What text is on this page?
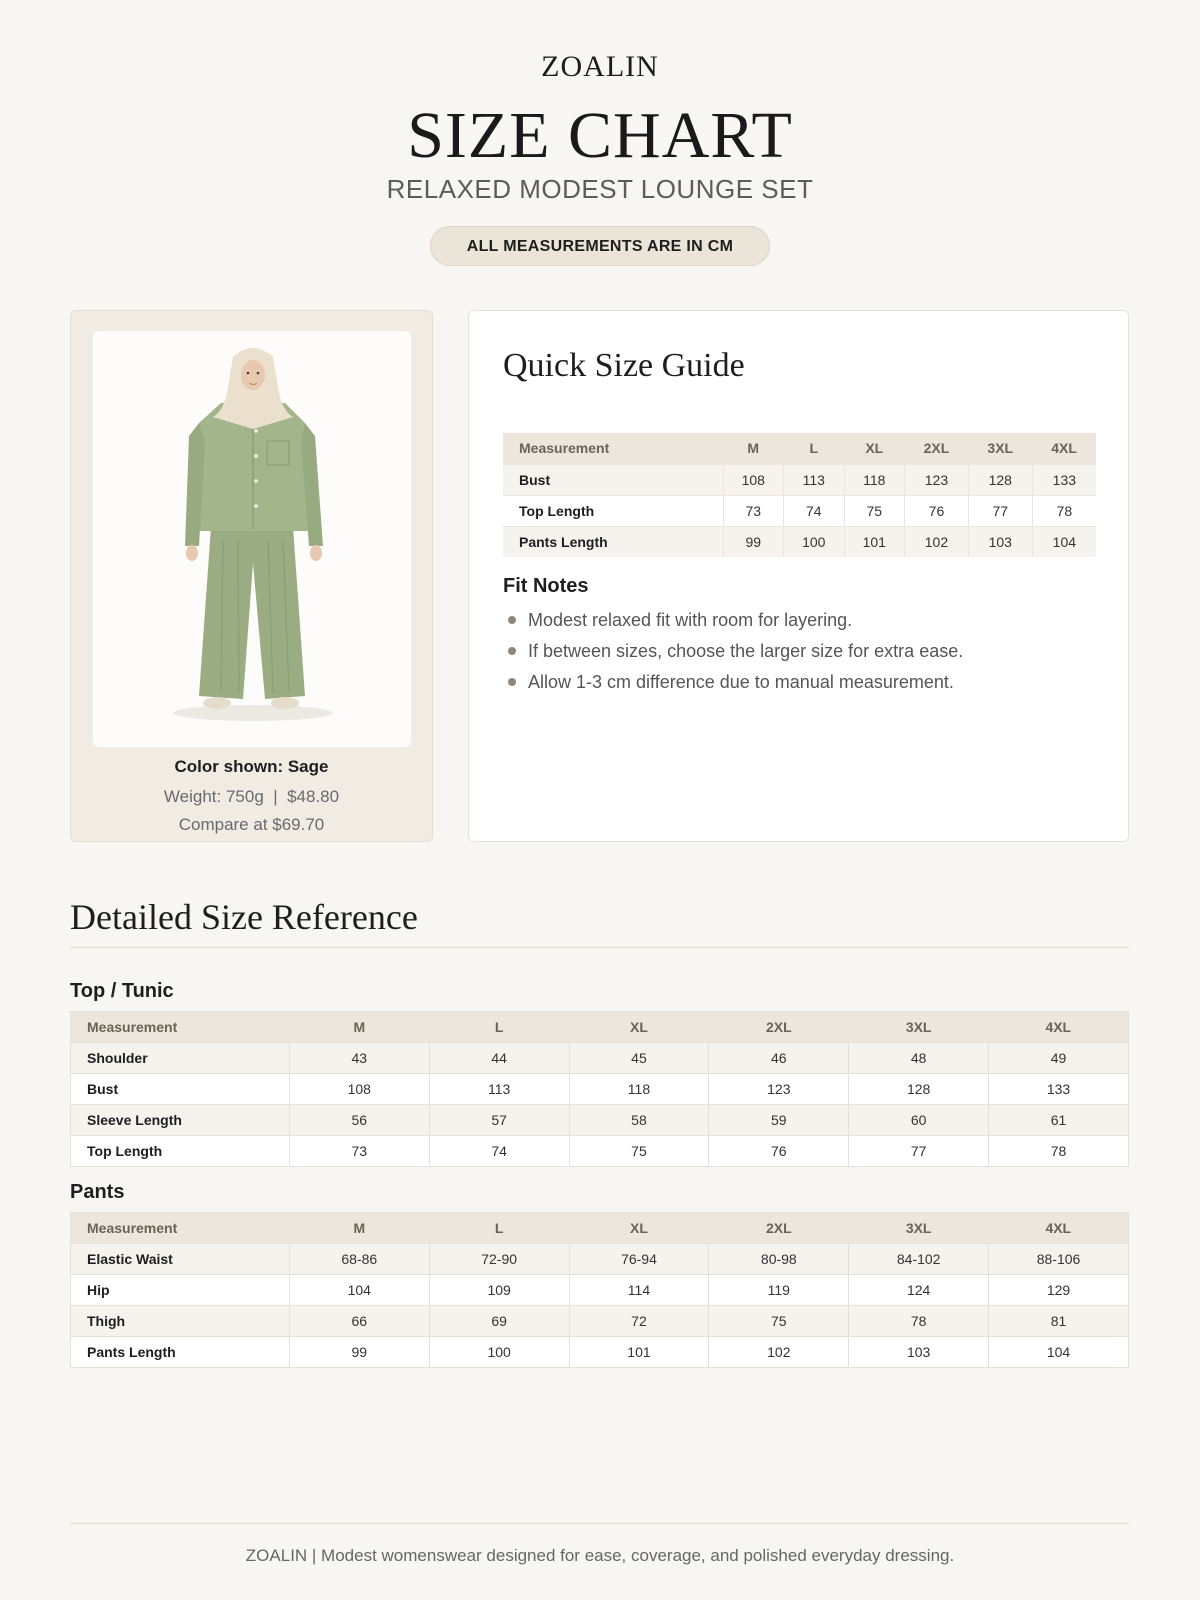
ZOALIN
SIZE CHART
RELAXED MODEST LOUNGE SET
ALL MEASUREMENTS ARE IN CM
Color shown: Sage
Weight: 750g  |  $48.80
Compare at $69.70
Quick Size Guide
Measurement	M	L	XL	2XL	3XL	4XL
Bust	108	113	118	123	128	133
Top Length	73	74	75	76	77	78
Pants Length	99	100	101	102	103	104
Fit Notes
Modest relaxed fit with room for layering.
If between sizes, choose the larger size for extra ease.
Allow 1-3 cm difference due to manual measurement.
Detailed Size Reference
Top / Tunic
Measurement	M	L	XL	2XL	3XL	4XL
Shoulder	43	44	45	46	48	49
Bust	108	113	118	123	128	133
Sleeve Length	56	57	58	59	60	61
Top Length	73	74	75	76	77	78
Pants
Measurement	M	L	XL	2XL	3XL	4XL
Elastic Waist	68-86	72-90	76-94	80-98	84-102	88-106
Hip	104	109	114	119	124	129
Thigh	66	69	72	75	78	81
Pants Length	99	100	101	102	103	104
ZOALIN | Modest womenswear designed for ease, coverage, and polished everyday dressing.
